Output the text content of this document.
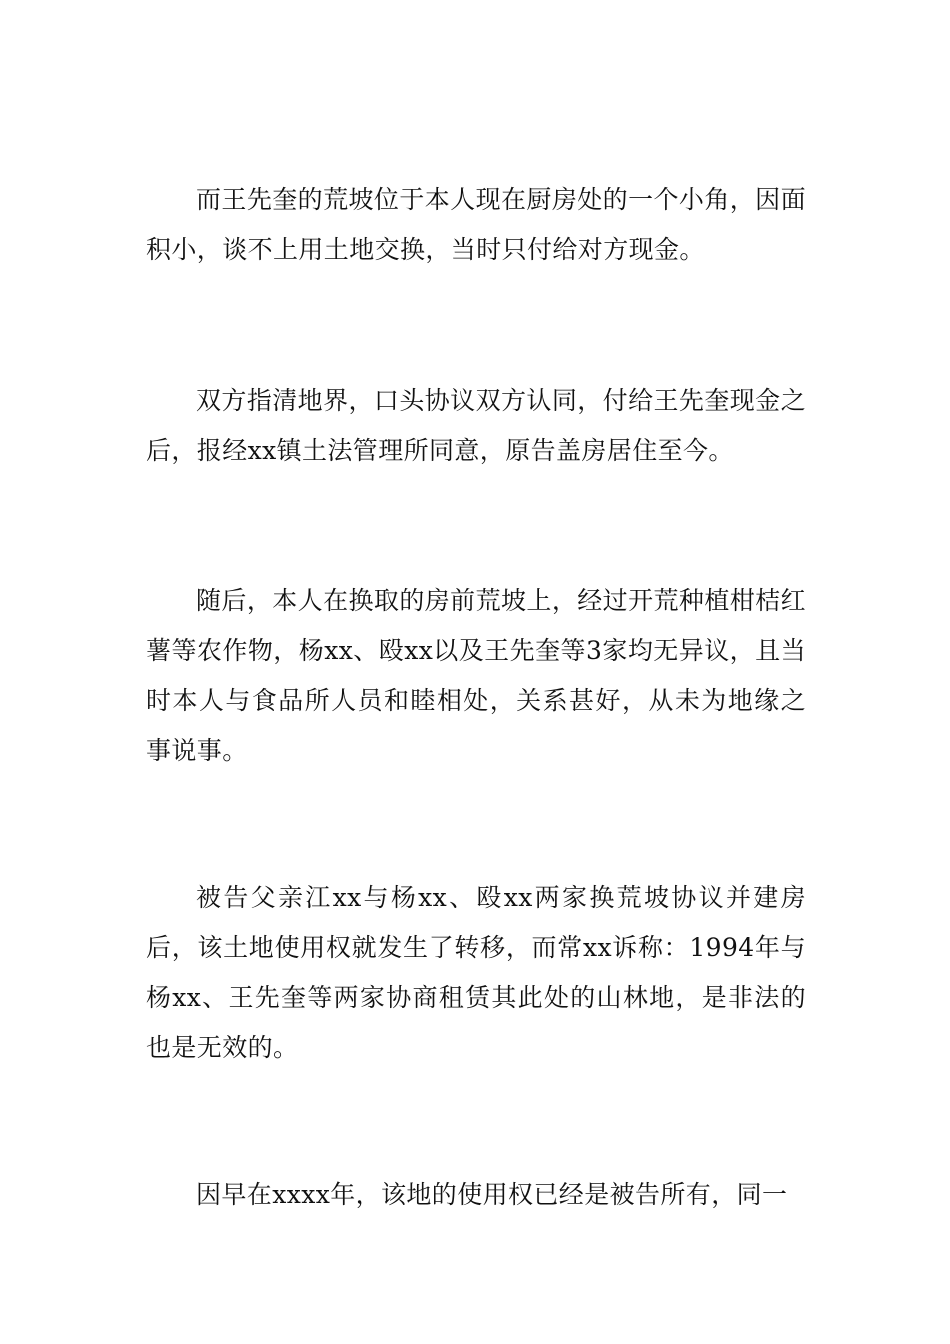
而王先奎的荒坡位于本人现在厨房处的一个小角，因面积小，谈不上用土地交换，当时只付给对方现金。

双方指清地界，口头协议双方认同，付给王先奎现金之后，报经xx镇土法管理所同意，原告盖房居住至今。

随后，本人在换取的房前荒坡上，经过开荒种植柑桔红薯等农作物，杨xx、殴xx以及王先奎等3家均无异议，且当时本人与食品所人员和睦相处，关系甚好，从未为地缘之事说事。

被告父亲江xx与杨xx、殴xx两家换荒坡协议并建房后，该土地使用权就发生了转移，而常xx诉称：1994年与杨xx、王先奎等两家协商租赁其此处的山林地，是非法的也是无效的。

因早在xxxx年，该地的使用权已经是被告所有，同一
